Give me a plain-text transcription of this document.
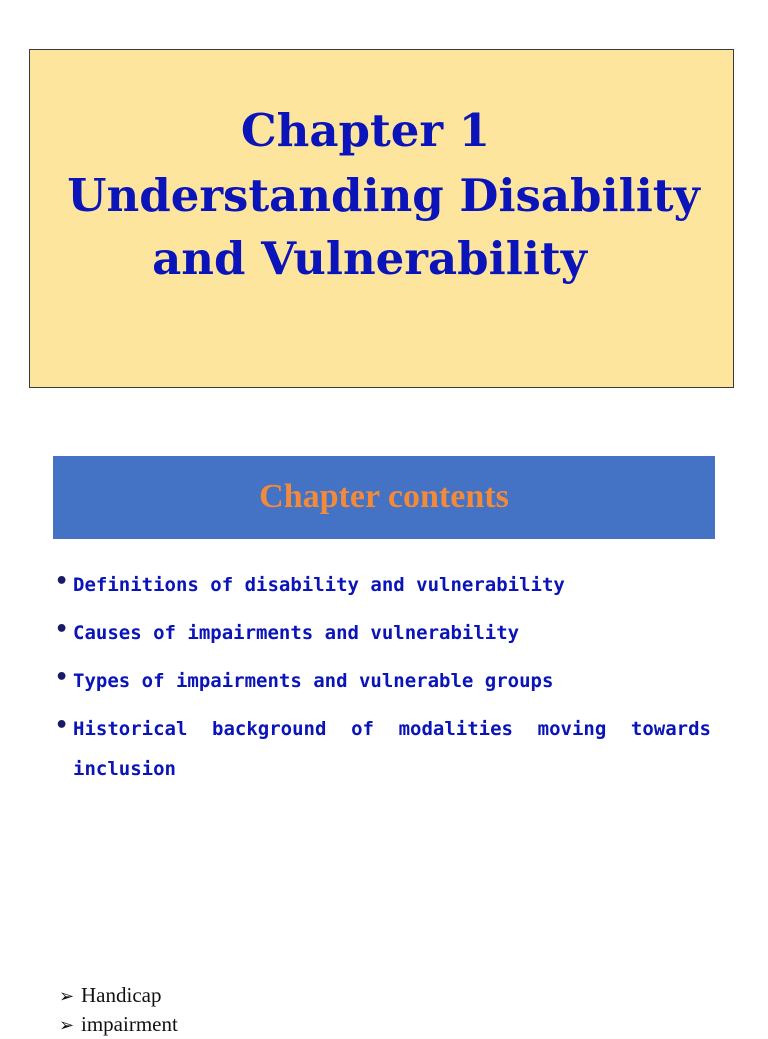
Chapter 1
Understanding Disability
and Vulnerability
Chapter contents
• Definitions of disability and vulnerability
• Causes of impairments and vulnerability
• Types of impairments and vulnerable groups
• Historical background of modalities moving towards inclusion
➢ Handicap
➢ impairment
